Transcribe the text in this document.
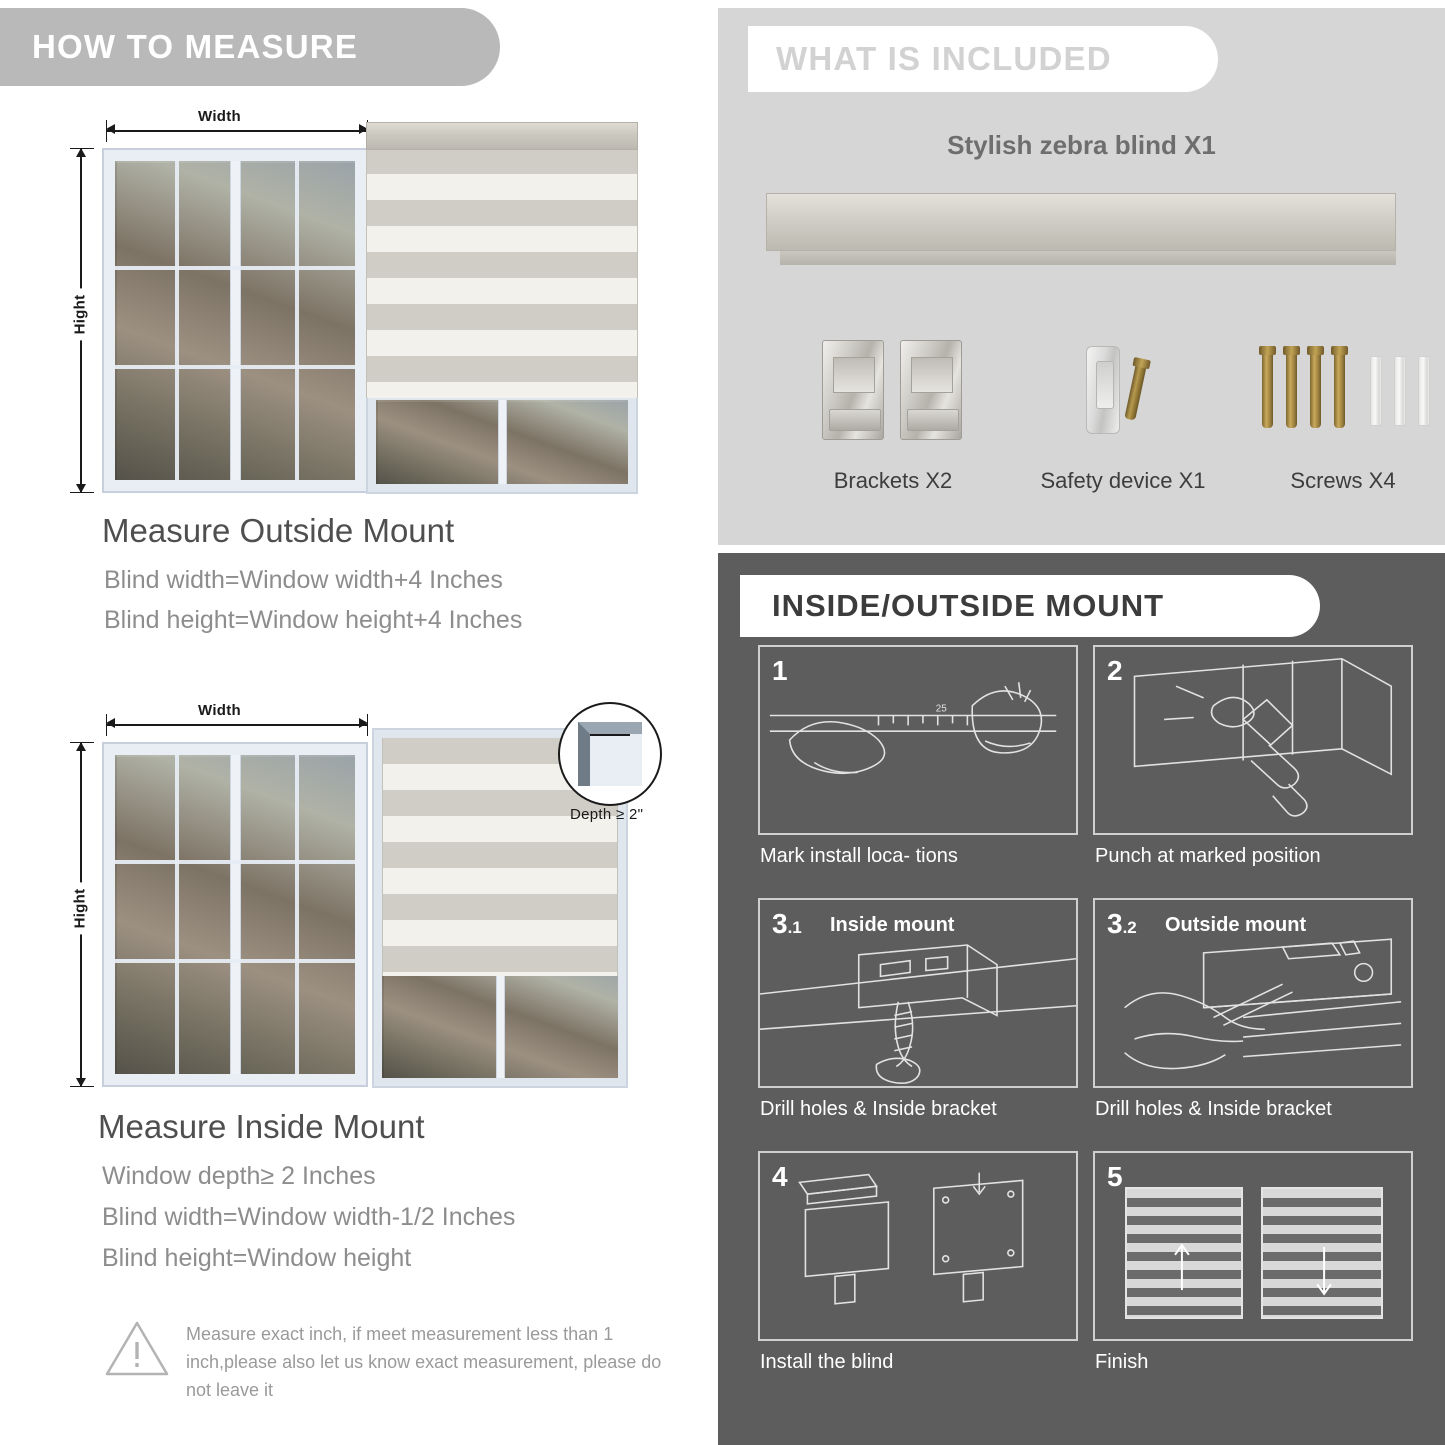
HOW TO MEASURE
Width
Hight
Measure Outside Mount
Blind width=Window width+4 Inches
Blind height=Window height+4 Inches
Width
Hight
Depth ≥ 2"
Measure Inside Mount
Window depth≥ 2 Inches
Blind width=Window width-1/2 Inches
Blind height=Window height
Measure exact inch, if meet measurement less than 1 inch,please also let us know exact measurement, please do not leave it
WHAT IS INCLUDED
Stylish zebra blind X1
Brackets X2	Safety device X1	Screws X4
INSIDE/OUTSIDE MOUNT
25
1
Mark install loca- tions
2
Punch at marked position
3.1 Inside mount
Drill holes & Inside bracket
3.2 Outside mount
Drill holes & Inside bracket
4
Install the blind
5
Finish
